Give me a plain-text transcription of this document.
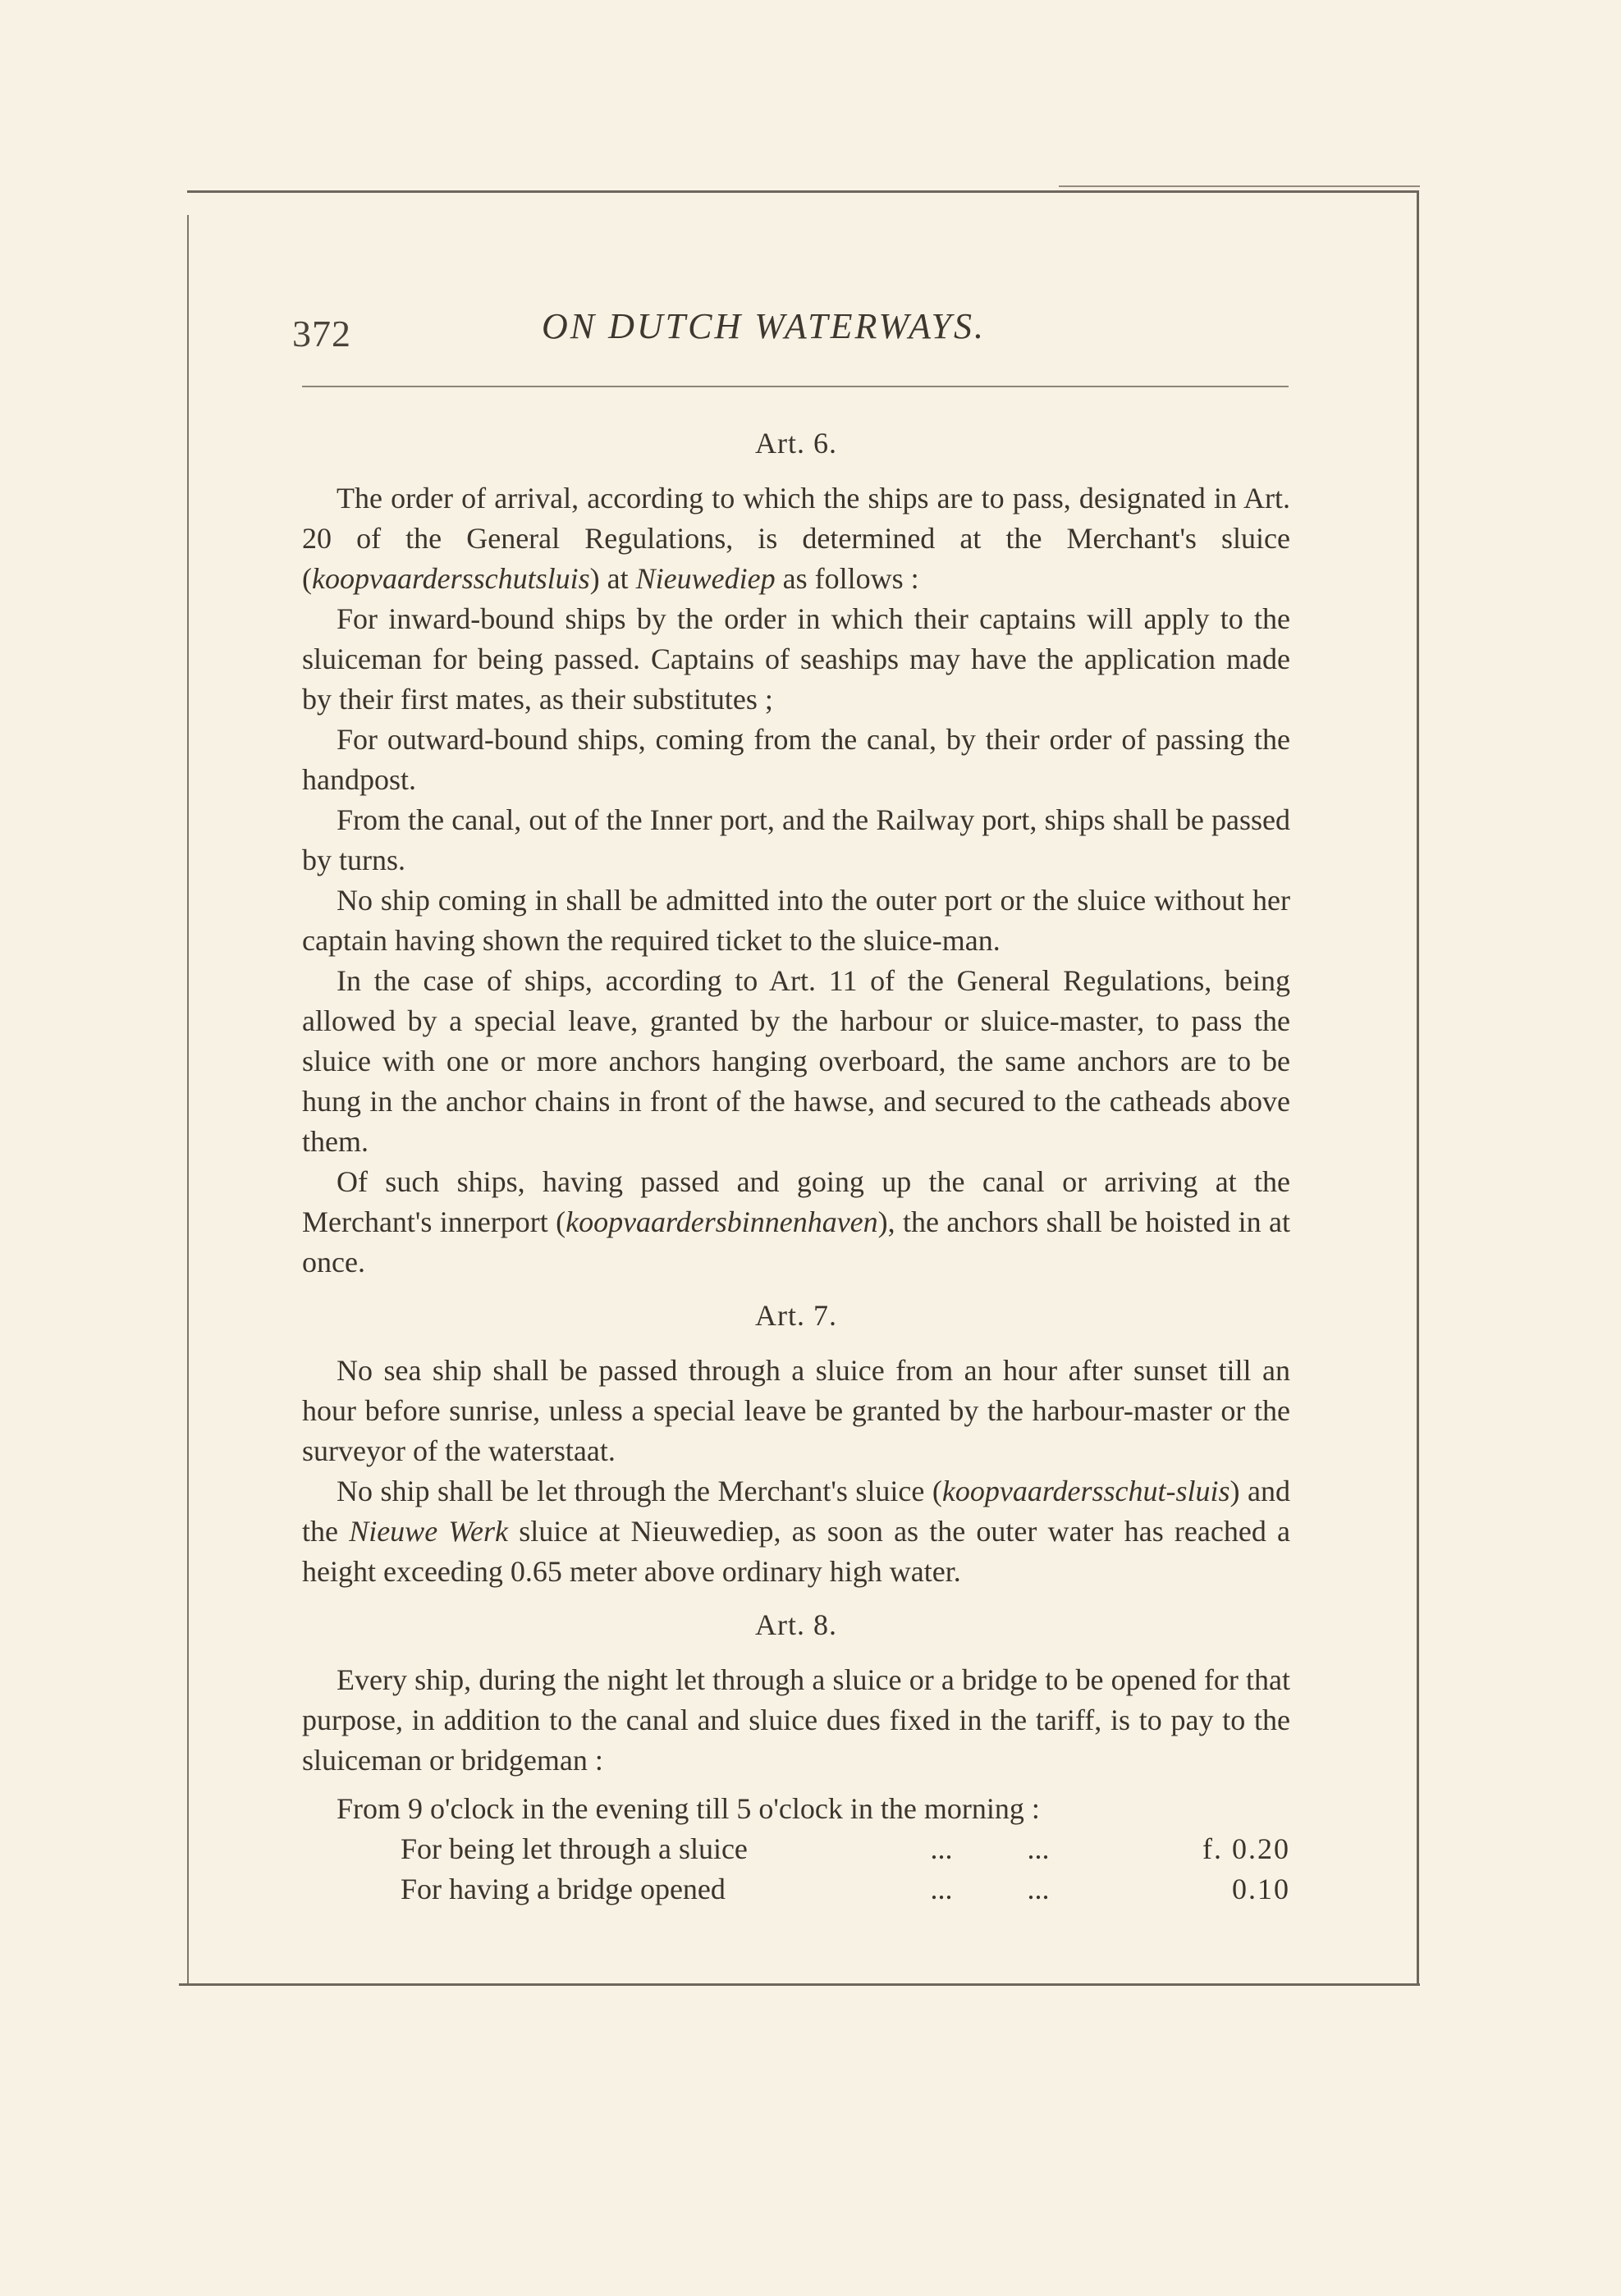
372	ON DUTCH WATERWAYS.
Art. 6.

The order of arrival, according to which the ships are to pass, designated in Art. 20 of the General Regulations, is determined at the Merchant's sluice (koopvaardersschutsluis) at Nieuwediep as follows :

For inward-bound ships by the order in which their captains will apply to the sluiceman for being passed. Captains of seaships may have the application made by their first mates, as their substitutes ;

For outward-bound ships, coming from the canal, by their order of passing the handpost.

From the canal, out of the Inner port, and the Railway port, ships shall be passed by turns.

No ship coming in shall be admitted into the outer port or the sluice without her captain having shown the required ticket to the sluice-man.

In the case of ships, according to Art. 11 of the General Regulations, being allowed by a special leave, granted by the harbour or sluice-master, to pass the sluice with one or more anchors hanging overboard, the same anchors are to be hung in the anchor chains in front of the hawse, and secured to the catheads above them.

Of such ships, having passed and going up the canal or arriving at the Merchant's innerport (koopvaardersbinnenhaven), the anchors shall be hoisted in at once.

Art. 7.

No sea ship shall be passed through a sluice from an hour after sunset till an hour before sunrise, unless a special leave be granted by the harbour-master or the surveyor of the waterstaat.

No ship shall be let through the Merchant's sluice (koopvaardersschut-sluis) and the Nieuwe Werk sluice at Nieuwediep, as soon as the outer water has reached a height exceeding 0.65 meter above ordinary high water.

Art. 8.

Every ship, during the night let through a sluice or a bridge to be opened for that purpose, in addition to the canal and sluice dues fixed in the tariff, is to pay to the sluiceman or bridgeman :

From 9 o'clock in the evening till 5 o'clock in the morning :

For being let through a sluice	...	...	f. 0.20
For having a bridge opened	...	...	0.10
